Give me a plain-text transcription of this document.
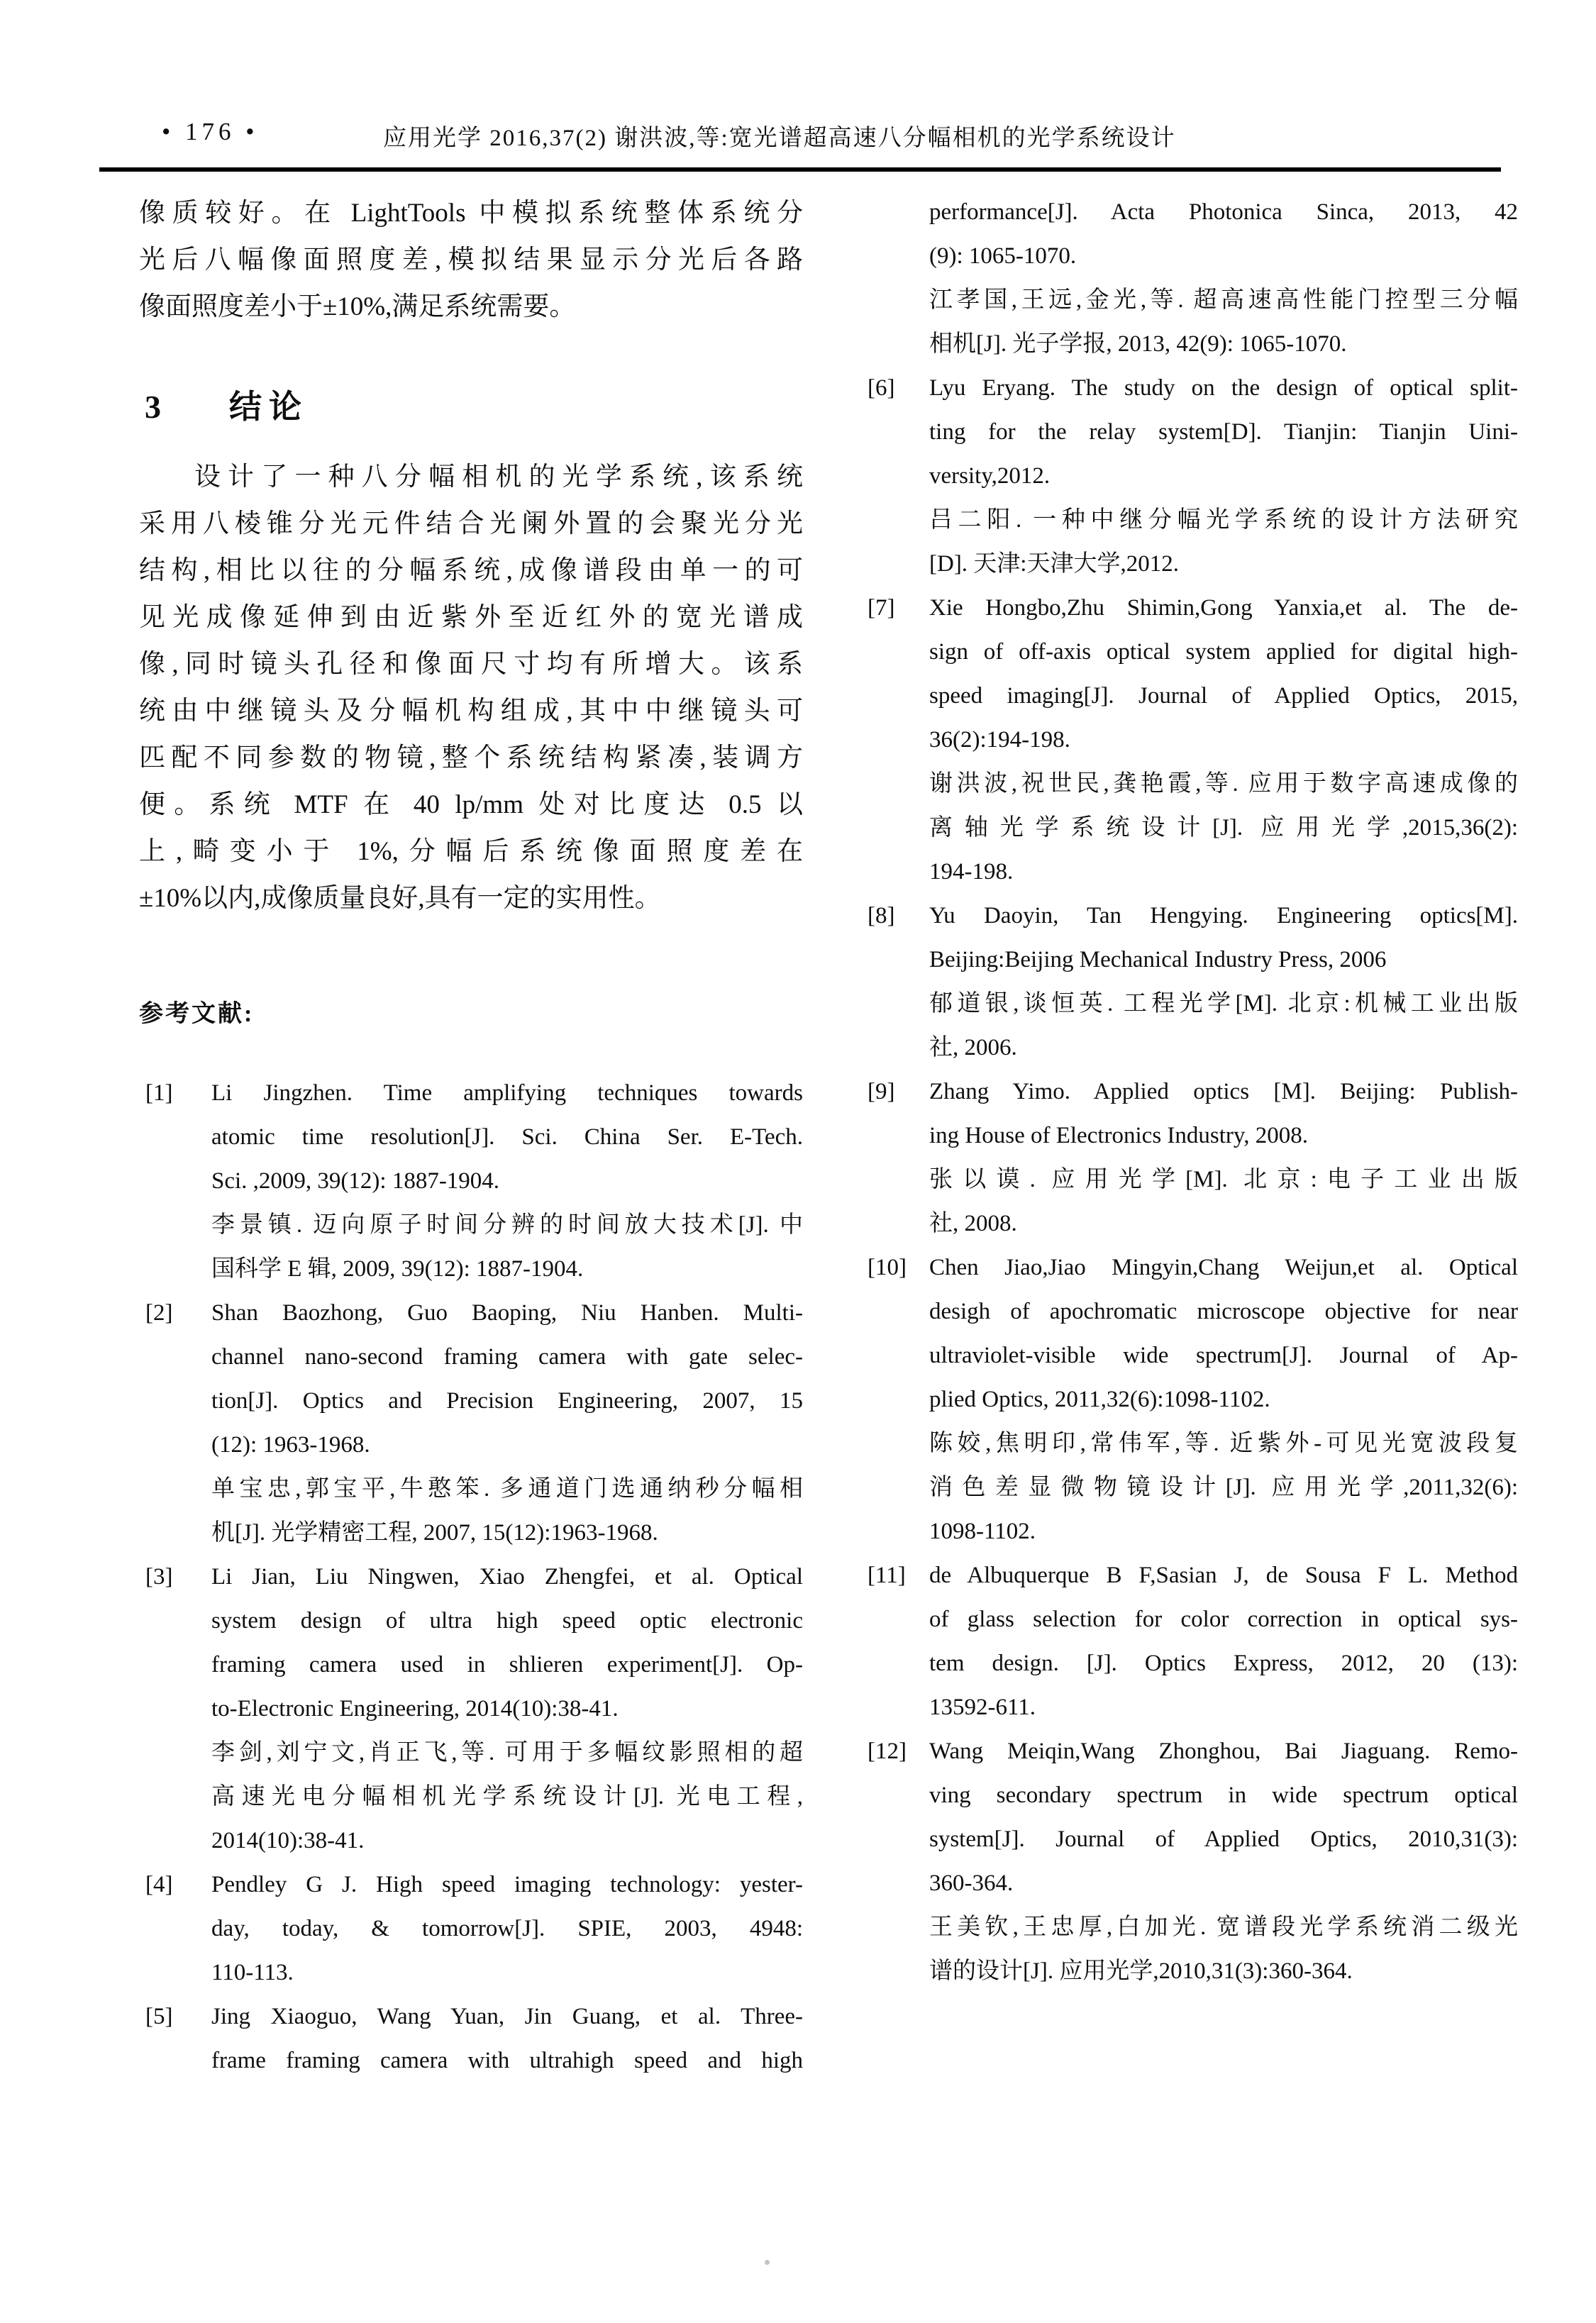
• 176 •	应用光学 2016,37(2) 谢洪波,等:宽光谱超高速八分幅相机的光学系统设计
像质较好。在 LightTools 中模拟系统整体系统分
光后八幅像面照度差,模拟结果显示分光后各路
像面照度差小于±10%,满足系统需要。
3 结论
设计了一种八分幅相机的光学系统,该系统
采用八棱锥分光元件结合光阑外置的会聚光分光
结构,相比以往的分幅系统,成像谱段由单一的可
见光成像延伸到由近紫外至近红外的宽光谱成
像,同时镜头孔径和像面尺寸均有所增大。该系
统由中继镜头及分幅机构组成,其中中继镜头可
匹配不同参数的物镜,整个系统结构紧凑,装调方
便。系统 MTF 在 40 lp/mm 处对比度达 0.5 以
上,畸变小于 1%,分幅后系统像面照度差在
±10%以内,成像质量良好,具有一定的实用性。
参考文献:
[1] Li Jingzhen. Time amplifying techniques towards
atomic time resolution[J]. Sci. China Ser. E-Tech.
Sci. ,2009, 39(12): 1887-1904.
李景镇. 迈向原子时间分辨的时间放大技术[J]. 中
国科学 E 辑, 2009, 39(12): 1887-1904.
[2] Shan Baozhong, Guo Baoping, Niu Hanben. Multi-
channel nano-second framing camera with gate selec-
tion[J]. Optics and Precision Engineering, 2007, 15
(12): 1963-1968.
单宝忠,郭宝平,牛憨笨. 多通道门选通纳秒分幅相
机[J]. 光学精密工程, 2007, 15(12):1963-1968.
[3] Li Jian, Liu Ningwen, Xiao Zhengfei, et al. Optical
system design of ultra high speed optic electronic
framing camera used in shlieren experiment[J]. Op-
to-Electronic Engineering, 2014(10):38-41.
李剑,刘宁文,肖正飞,等. 可用于多幅纹影照相的超
高速光电分幅相机光学系统设计[J]. 光电工程,
2014(10):38-41.
[4] Pendley G J. High speed imaging technology: yester-
day, today, & tomorrow[J]. SPIE, 2003, 4948:
110-113.
[5] Jing Xiaoguo, Wang Yuan, Jin Guang, et al. Three-
frame framing camera with ultrahigh speed and high
performance[J]. Acta Photonica Sinca, 2013, 42
(9): 1065-1070.
江孝国,王远,金光,等. 超高速高性能门控型三分幅
相机[J]. 光子学报, 2013, 42(9): 1065-1070.
[6] Lyu Eryang. The study on the design of optical split-
ting for the relay system[D]. Tianjin: Tianjin Uini-
versity,2012.
吕二阳. 一种中继分幅光学系统的设计方法研究
[D]. 天津:天津大学,2012.
[7] Xie Hongbo,Zhu Shimin,Gong Yanxia,et al. The de-
sign of off-axis optical system applied for digital high-
speed imaging[J]. Journal of Applied Optics, 2015,
36(2):194-198.
谢洪波,祝世民,龚艳霞,等. 应用于数字高速成像的
离轴光学系统设计[J]. 应用光学,2015,36(2):
194-198.
[8] Yu Daoyin, Tan Hengying. Engineering optics[M].
Beijing:Beijing Mechanical Industry Press, 2006
郁道银,谈恒英. 工程光学[M]. 北京:机械工业出版
社, 2006.
[9] Zhang Yimo. Applied optics [M]. Beijing: Publish-
ing House of Electronics Industry, 2008.
张以谟. 应用光学[M]. 北京:电子工业出版
社, 2008.
[10] Chen Jiao,Jiao Mingyin,Chang Weijun,et al. Optical
desigh of apochromatic microscope objective for near
ultraviolet-visible wide spectrum[J]. Journal of Ap-
plied Optics, 2011,32(6):1098-1102.
陈姣,焦明印,常伟军,等. 近紫外-可见光宽波段复
消色差显微物镜设计[J]. 应用光学,2011,32(6):
1098-1102.
[11] de Albuquerque B F,Sasian J, de Sousa F L. Method
of glass selection for color correction in optical sys-
tem design. [J]. Optics Express, 2012, 20 (13):
13592-611.
[12] Wang Meiqin,Wang Zhonghou, Bai Jiaguang. Remo-
ving secondary spectrum in wide spectrum optical
system[J]. Journal of Applied Optics, 2010,31(3):
360-364.
王美钦,王忠厚,白加光. 宽谱段光学系统消二级光
谱的设计[J]. 应用光学,2010,31(3):360-364.
